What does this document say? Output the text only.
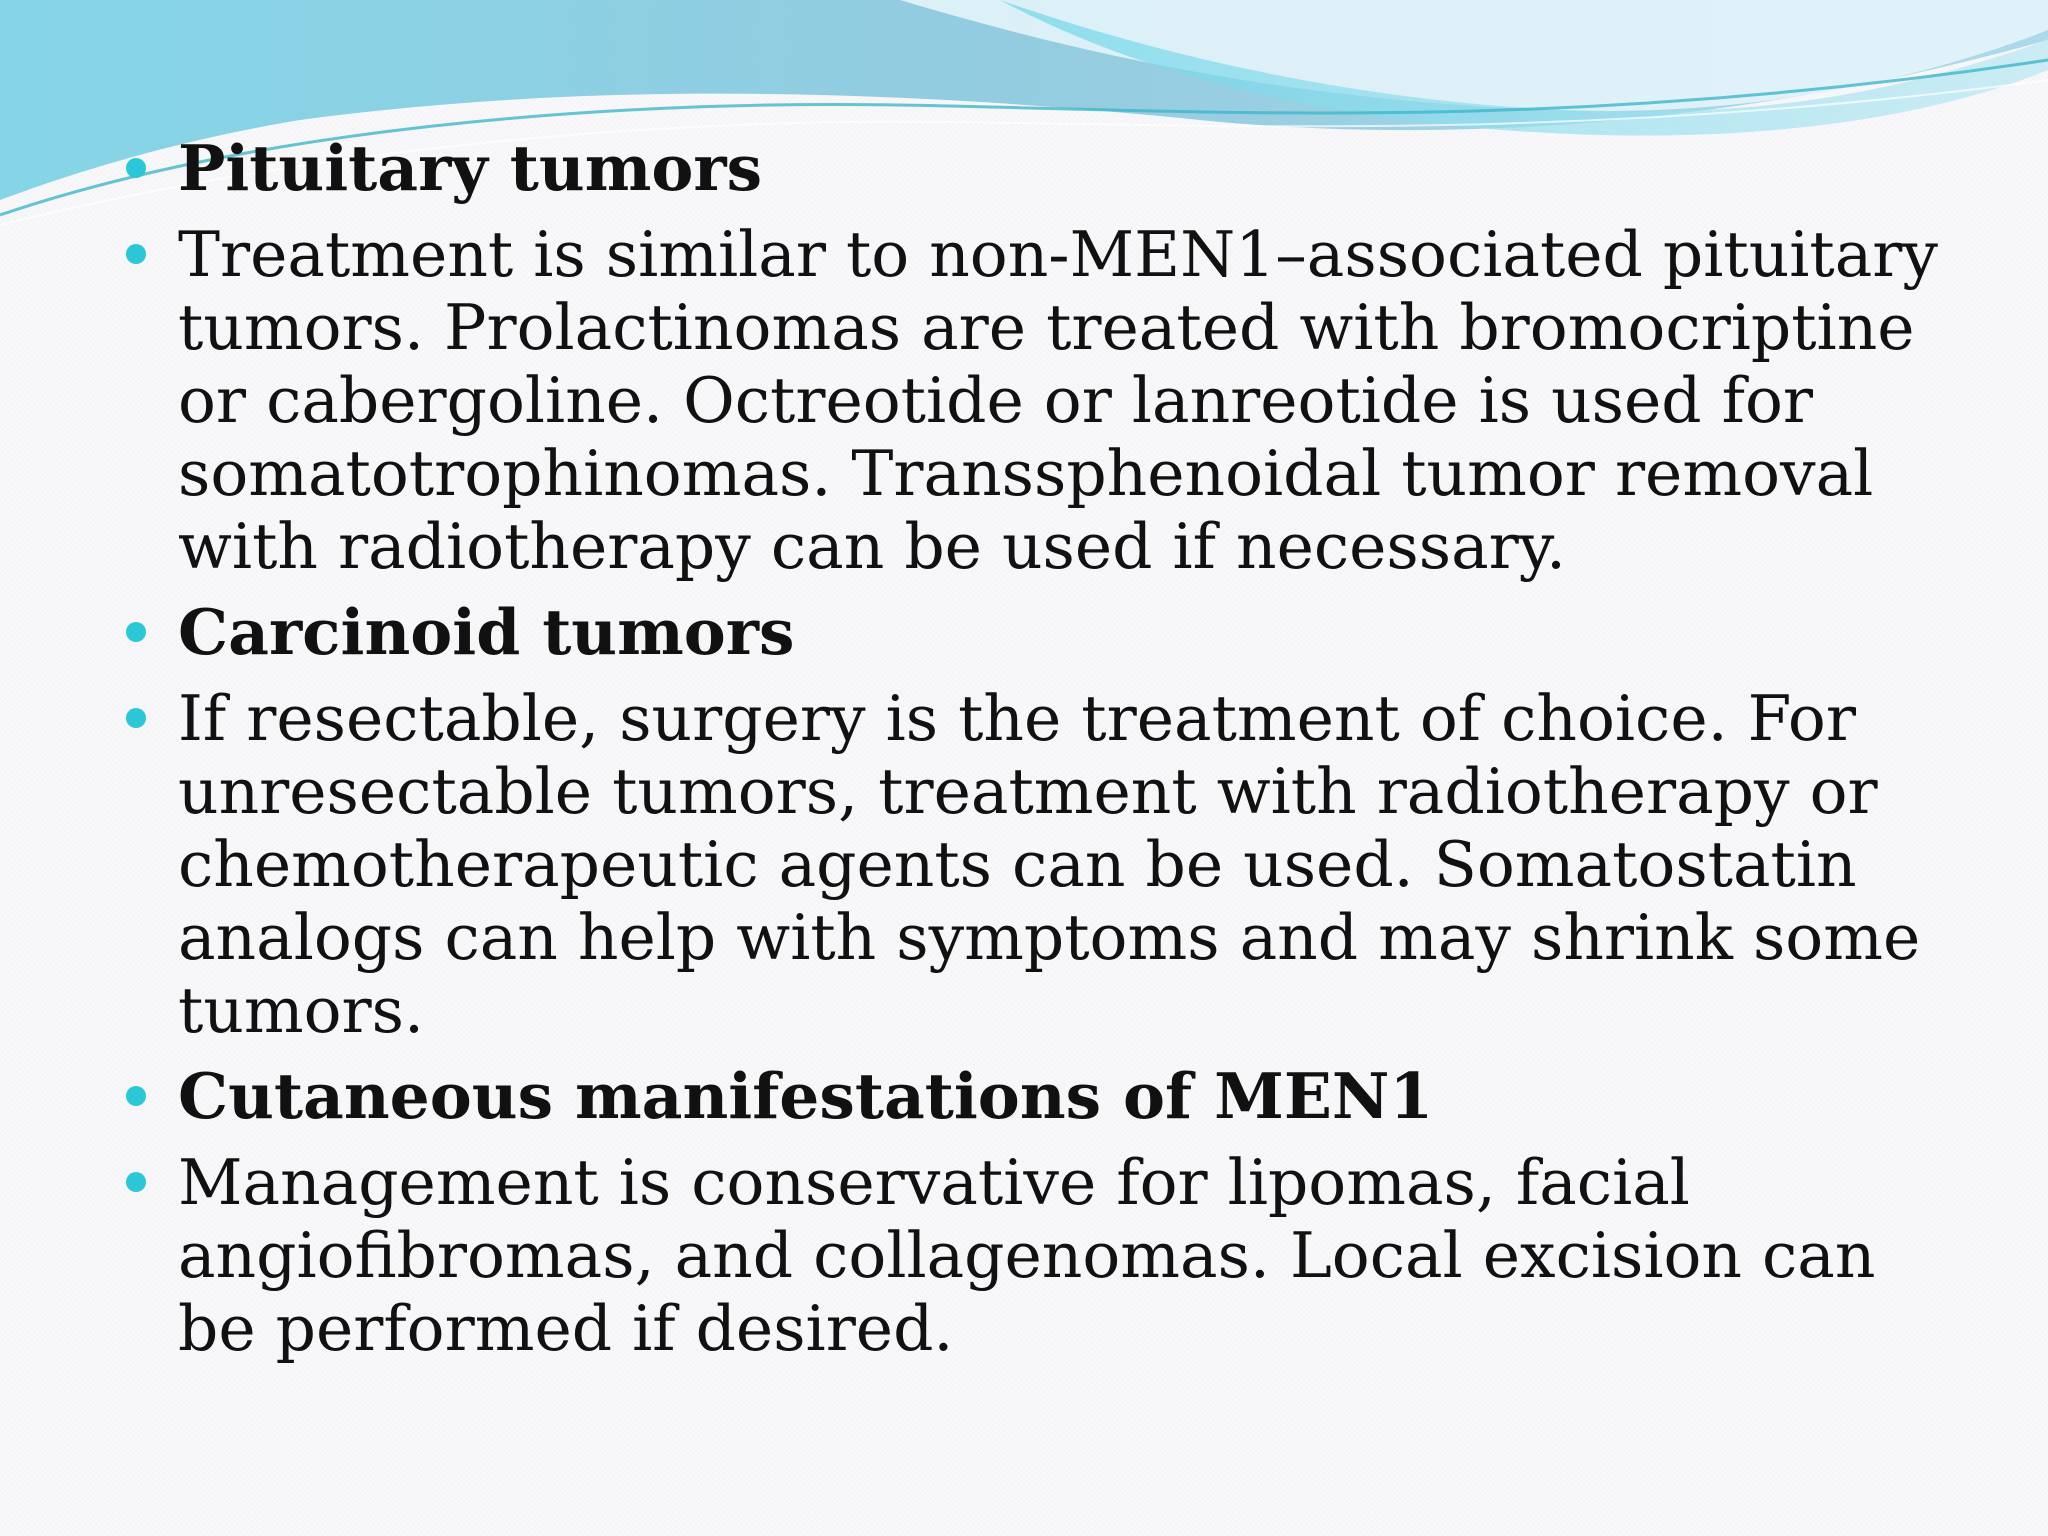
Pituitary tumors
Treatment is similar to non-MEN1–associated pituitary tumors. Prolactinomas are treated with bromocriptine or cabergoline. Octreotide or lanreotide is used for somatotrophinomas. Transsphenoidal tumor removal with radiotherapy can be used if necessary.
Carcinoid tumors
If resectable, surgery is the treatment of choice. For unresectable tumors, treatment with radiotherapy or chemotherapeutic agents can be used. Somatostatin analogs can help with symptoms and may shrink some tumors.
Cutaneous manifestations of MEN1
Management is conservative for lipomas, facial angiofibromas, and collagenomas. Local excision can be performed if desired.
